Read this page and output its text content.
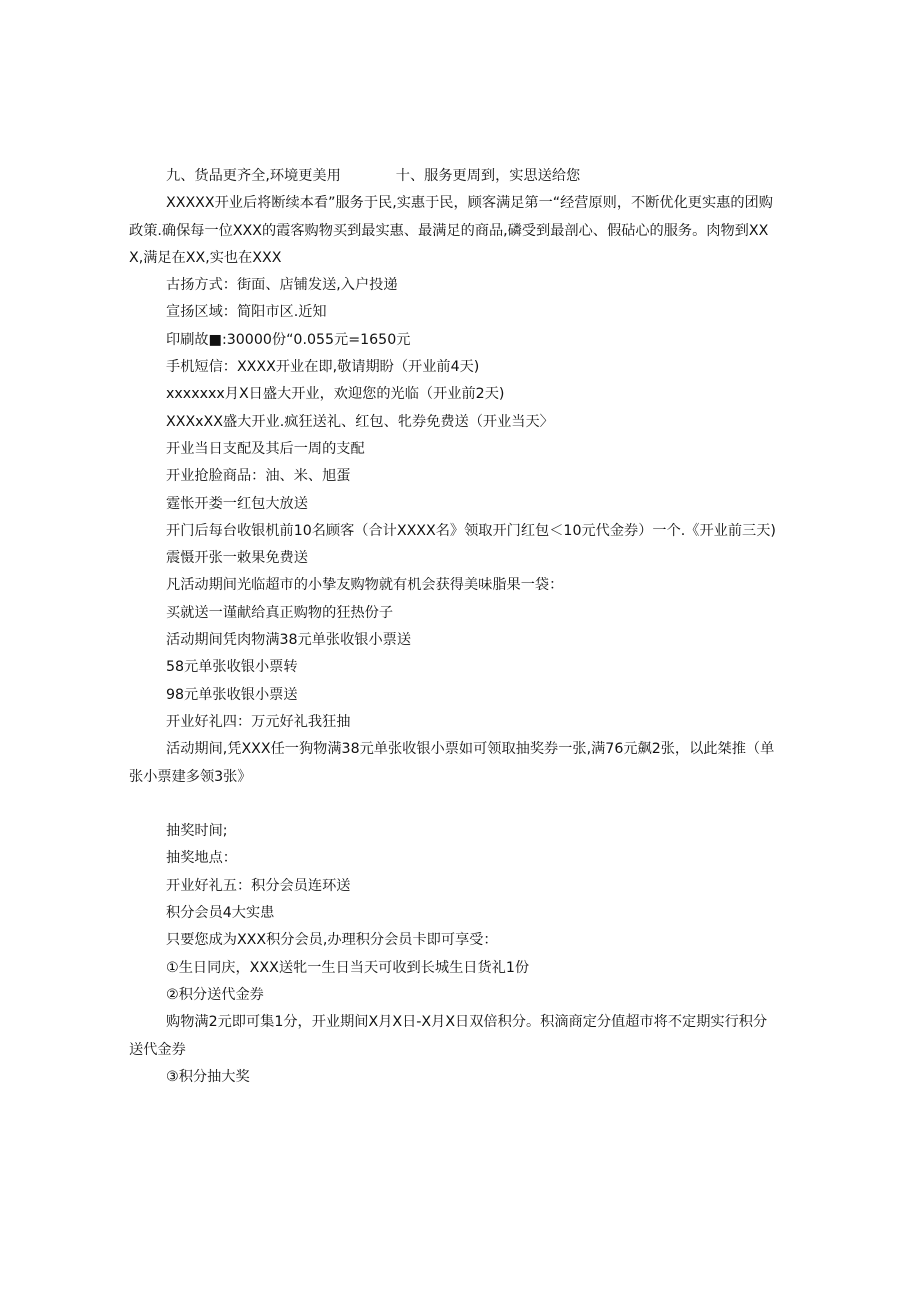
九、货品更齐全,环境更美用	十、服务更周到，实思送给您

XXXXX开业后将断续本看”服务于民,实惠于民，顾客满足第一“经营原则，不断优化更实惠的团购政策.确保每一位XXX的霞客购物买到最实惠、最满足的商品,磷受到最剖心、假砧心的服务。肉物到XXX,满足在XX,实也在XXX

古扬方式：街面、店铺发送,入户投递

宣扬区域：简阳市区.近知

印刷故■:30000份“0.055元=1650元

手机短信：XXXX开业在即,敬请期盼（开业前4天)

xxxxxxx月X日盛大开业，欢迎您的光临（开业前2天)

XXXxXX盛大开业.疯狂送礼、红包、牝券免费送（开业当天〉

开业当日支配及其后一周的支配

开业抢脸商品：油、米、旭蛋

霆怅开娄一红包大放送

开门后每台收银机前10名顾客（合计XXXX名》领取开门红包＜10元代金券）一个.《开业前三天)

震慑开张一敕果免费送

凡活动期间光临超市的小挚友购物就有机会获得美味脂果一袋：

买就送一谨献给真正购物的狂热份子

活动期间凭肉物满38元单张收银小票送

58元单张收银小票转

98元单张收银小票送

开业好礼四：万元好礼我狂抽

活动期间,凭XXX任一狗物满38元单张收银小票如可领取抽奖券一张,满76元飙2张，以此桀推（单张小票建多领3张》

抽奖时间;

抽奖地点：

开业好礼五：积分会员连环送

积分会员4大实患

只要您成为XXX积分会员,办理积分会员卡即可享受：

①生日同庆，XXX送牝一生日当天可收到长城生日货礼1份

②积分送代金券

购物满2元即可集1分，开业期间X月X日-X月X日双倍积分。积滴商定分值超市将不定期实行积分送代金券

③积分抽大奖
